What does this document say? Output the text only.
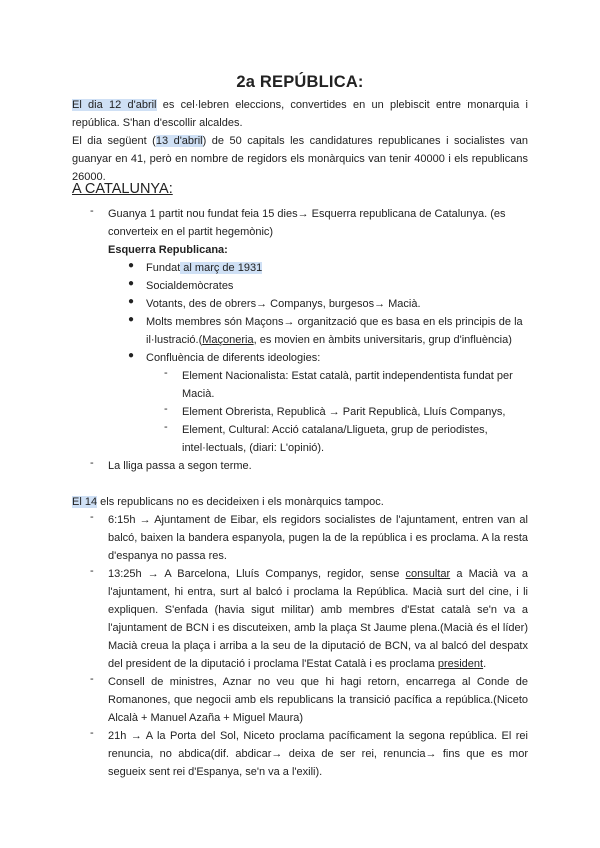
2a REPÚBLICA:
El dia 12 d'abril es cel·lebren eleccions, convertides en un plebiscit entre monarquia i república. S'han d'escollir alcaldes.
El dia següent (13 d'abril) de 50 capitals les candidatures republicanes i socialistes van guanyar en 41, però en nombre de regidors els monàrquics van tenir 40000 i els republicans 26000.
A CATALUNYA:
- Guanya 1 partit nou fundat feia 15 dies→ Esquerra republicana de Catalunya. (es converteix en el partit hegemònic)
Esquerra Republicana:
● Fundat al març de 1931
● Socialdemòcrates
● Votants, des de obrers→ Companys, burgesos→ Macià.
● Molts membres són Maçons→ organització que es basa en els principis de la il·lustració.(Maçoneria, es movien en àmbits universitaris, grup d'influència)
● Confluència de diferents ideologies:
- Element Nacionalista: Estat català, partit independentista fundat per Macià.
- Element Obrerista, Republicà → Parit Republicà, Lluís Companys,
- Element, Cultural: Acció catalana/Lligueta, grup de periodistes, intel·lectuals, (diari: L'opinió).
- La lliga passa a segon terme.
El 14 els republicans no es decideixen i els monàrquics tampoc.
- 6:15h → Ajuntament de Eibar, els regidors socialistes de l'ajuntament, entren van al balcó, baixen la bandera espanyola, pugen la de la república i es proclama. A la resta d'espanya no passa res.
- 13:25h → A Barcelona, Lluís Companys, regidor, sense consultar a Macià va a l'ajuntament, hi entra, surt al balcó i proclama la República. Macià surt del cine, i li expliquen. S'enfada (havia sigut militar) amb membres d'Estat català se'n va a l'ajuntament de BCN i es discuteixen, amb la plaça St Jaume plena.(Macià és el líder) Macià creua la plaça i arriba a la seu de la diputació de BCN, va al balcó del despatx del president de la diputació i proclama l'Estat Català i es proclama president.
- Consell de ministres, Aznar no veu que hi hagi retorn, encarrega al Conde de Romanones, que negocii amb els republicans la transició pacífica a república.(Niceto Alcalà + Manuel Azaña + Miguel Maura)
- 21h → A la Porta del Sol, Niceto proclama pacíficament la segona república. El rei renuncia, no abdica(dif. abdicar→ deixa de ser rei, renuncia→ fins que es mor segueix sent rei d'Espanya, se'n va a l'exili).
